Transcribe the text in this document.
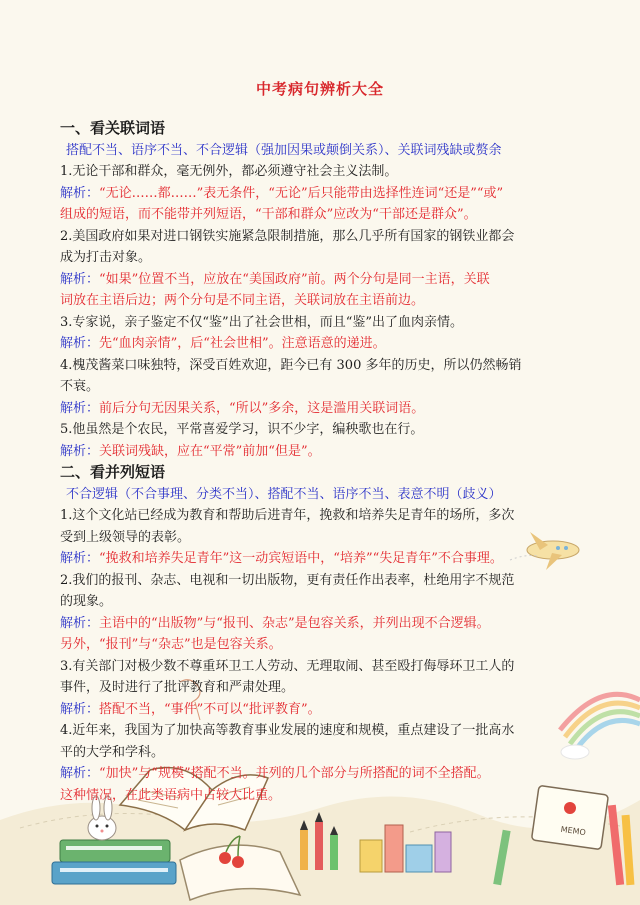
MEMO
中考病句辨析大全
一、看关联词语
搭配不当、语序不当、不合逻辑（强加因果或颠倒关系）、关联词残缺或赘余
1.无论干部和群众，毫无例外，都必须遵守社会主义法制。
解析：“无论……都……”表无条件，“无论”后只能带由选择性连词“还是”“或”
组成的短语，而不能带并列短语，“干部和群众”应改为“干部还是群众”。
2.美国政府如果对进口钢铁实施紧急限制措施，那么几乎所有国家的钢铁业都会
成为打击对象。
解析：“如果”位置不当，应放在“美国政府”前。两个分句是同一主语，关联
词放在主语后边；两个分句是不同主语，关联词放在主语前边。
3.专家说，亲子鉴定不仅“鉴”出了社会世相，而且“鉴”出了血肉亲情。
解析：先“血肉亲情”，后“社会世相”。注意语意的递进。
4.槐茂酱菜口味独特，深受百姓欢迎，距今已有 300 多年的历史，所以仍然畅销
不衰。
解析：前后分句无因果关系，“所以”多余，这是滥用关联词语。
5.他虽然是个农民，平常喜爱学习，识不少字，编秧歌也在行。
解析：关联词残缺，应在“平常”前加“但是”。
二、看并列短语
不合逻辑（不合事理、分类不当）、搭配不当、语序不当、表意不明（歧义）
1.这个文化站已经成为教育和帮助后进青年，挽救和培养失足青年的场所，多次
受到上级领导的表彰。
解析：“挽救和培养失足青年”这一动宾短语中，“培养”“失足青年”不合事理。
2.我们的报刊、杂志、电视和一切出版物，更有责任作出表率，杜绝用字不规范
的现象。
解析：主语中的“出版物”与“报刊、杂志”是包容关系，并列出现不合逻辑。
另外，“报刊”与“杂志”也是包容关系。
3.有关部门对极少数不尊重环卫工人劳动、无理取闹、甚至殴打侮辱环卫工人的
事件，及时进行了批评教育和严肃处理。
解析：搭配不当，“事件”不可以“批评教育”。
4.近年来，我国为了加快高等教育事业发展的速度和规模，重点建设了一批高水
平的大学和学科。
解析：“加快”与“规模”搭配不当。并列的几个部分与所搭配的词不全搭配。
这种情况，在此类语病中占较大比重。
